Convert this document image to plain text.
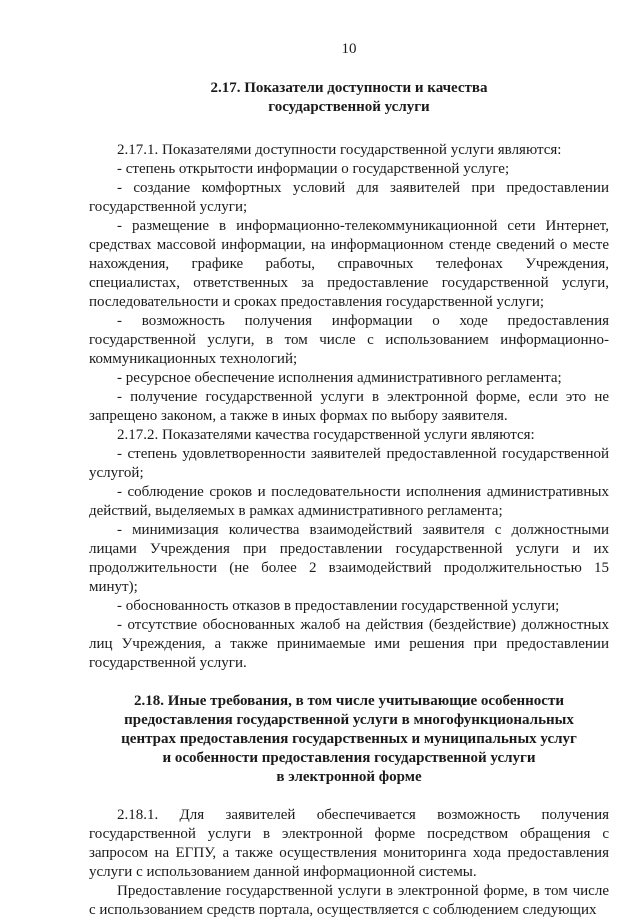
10
2.17. Показатели доступности и качества
государственной услуги

2.17.1. Показателями доступности государственной услуги являются:

- степень открытости информации о государственной услуге;

- создание комфортных условий для заявителей при предоставлении государственной услуги;

- размещение в информационно-телекоммуникационной сети Интернет, средствах массовой информации, на информационном стенде сведений о месте нахождения, графике работы, справочных телефонах Учреждения, специалистах, ответственных за предоставление государственной услуги, последовательности и сроках предоставления государственной услуги;

- возможность получения информации о ходе предоставления государственной услуги, в том числе с использованием информационно-коммуникационных технологий;

- ресурсное обеспечение исполнения административного регламента;

- получение государственной услуги в электронной форме, если это не запрещено законом, а также в иных формах по выбору заявителя.

2.17.2. Показателями качества государственной услуги являются:

- степень удовлетворенности заявителей предоставленной государственной услугой;

- соблюдение сроков и последовательности исполнения административных действий, выделяемых в рамках административного регламента;

- минимизация количества взаимодействий заявителя с должностными лицами Учреждения при предоставлении государственной услуги и их продолжительности (не более 2 взаимодействий продолжительностью 15 минут);

- обоснованность отказов в предоставлении государственной услуги;

- отсутствие обоснованных жалоб на действия (бездействие) должностных лиц Учреждения, а также принимаемые ими решения при предоставлении государственной услуги.

2.18. Иные требования, в том числе учитывающие особенности
предоставления государственной услуги в многофункциональных
центрах предоставления государственных и муниципальных услуг
и особенности предоставления государственной услуги
в электронной форме

2.18.1. Для заявителей обеспечивается возможность получения государственной услуги в электронной форме посредством обращения с запросом на ЕГПУ, а также осуществления мониторинга хода предоставления услуги с использованием данной информационной системы.

Предоставление государственной услуги в электронной форме, в том числе с использованием средств портала, осуществляется с соблюдением следующих
